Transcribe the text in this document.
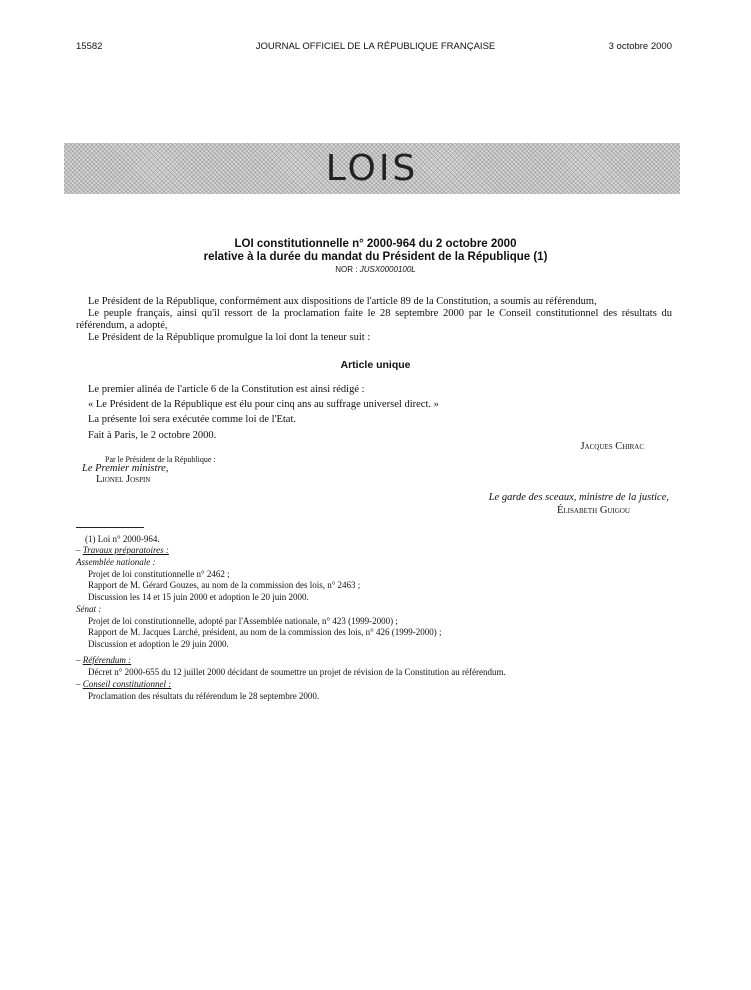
15582	JOURNAL OFFICIEL DE LA RÉPUBLIQUE FRANÇAISE	3 octobre 2000
LOIS
LOI constitutionnelle n° 2000-964 du 2 octobre 2000
relative à la durée du mandat du Président de la République (1)
NOR : JUSX0000100L
Le Président de la République, conformément aux dispositions de l'article 89 de la Constitution, a soumis au référendum,
Le peuple français, ainsi qu'il ressort de la proclamation faite le 28 septembre 2000 par le Conseil constitutionnel des résultats du référendum, a adopté,
Le Président de la République promulgue la loi dont la teneur suit :
Article unique
Le premier alinéa de l'article 6 de la Constitution est ainsi rédigé :
« Le Président de la République est élu pour cinq ans au suffrage universel direct. »
La présente loi sera exécutée comme loi de l'Etat.
Fait à Paris, le 2 octobre 2000.
Jacques Chirac
Par le Président de la République :
Le Premier ministre,
Lionel Jospin
Le garde des sceaux, ministre de la justice,
Élisabeth Guigou
(1) Loi n° 2000-964.
– Travaux préparatoires :
Assemblée nationale :
Projet de loi constitutionnelle n° 2462 ;
Rapport de M. Gérard Gouzes, au nom de la commission des lois, n° 2463 ;
Discussion les 14 et 15 juin 2000 et adoption le 20 juin 2000.
Sénat :
Projet de loi constitutionnelle, adopté par l'Assemblée nationale, n° 423 (1999-2000) ;
Rapport de M. Jacques Larché, président, au nom de la commission des lois, n° 426 (1999-2000) ;
Discussion et adoption le 29 juin 2000.
– Référendum :
Décret n° 2000-655 du 12 juillet 2000 décidant de soumettre un projet de révision de la Constitution au référendum.
– Conseil constitutionnel :
Proclamation des résultats du référendum le 28 septembre 2000.
